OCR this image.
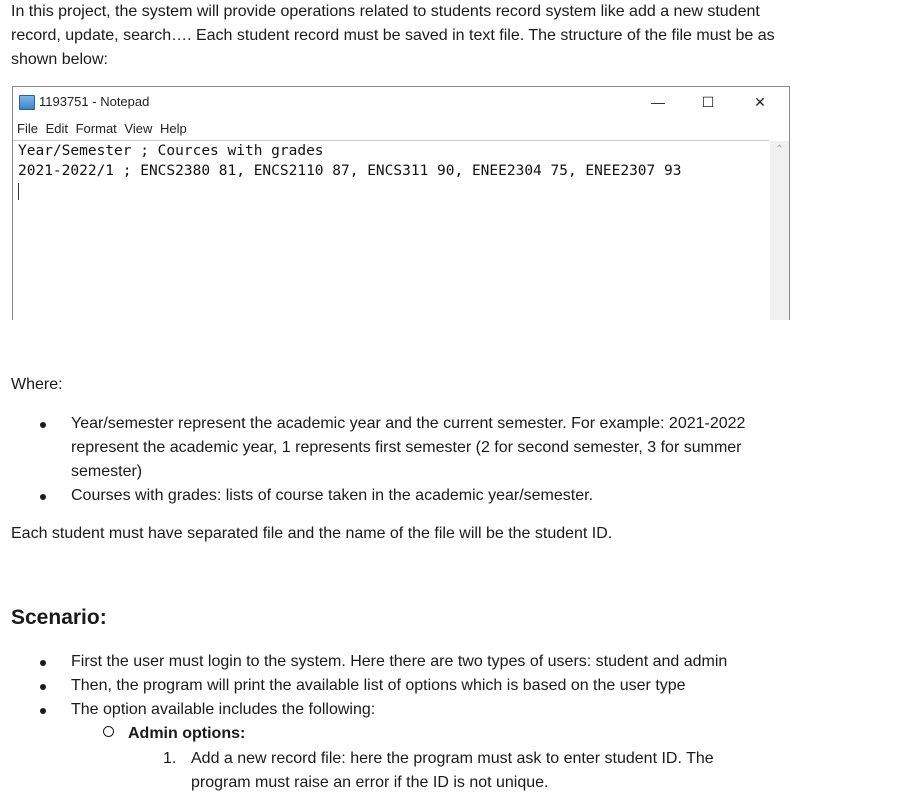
In this project, the system will provide operations related to students record system like add a new student record, update, search…. Each student record must be saved in text file. The structure of the file must be as shown below:

1193751 - Notepad	—	☐	✕
File Edit Format View Help
Year/Semester ; Cources with grades
2021-2022/1 ; ENCS2380 81, ENCS2110 87, ENCS311 90, ENEE2304 75, ENEE2307 93
⌃

Where:

Year/semester represent the academic year and the current semester. For example: 2021-2022 represent the academic year, 1 represents first semester (2 for second semester, 3 for summer semester)
Courses with grades: lists of course taken in the academic year/semester.

Each student must have separated file and the name of the file will be the student ID.

Scenario:
First the user must login to the system. Here there are two types of users: student and admin
Then, the program will print the available list of options which is based on the user type
The option available includes the following:
Admin options:
1. Add a new record file: here the program must ask to enter student ID. The program must raise an error if the ID is not unique.
